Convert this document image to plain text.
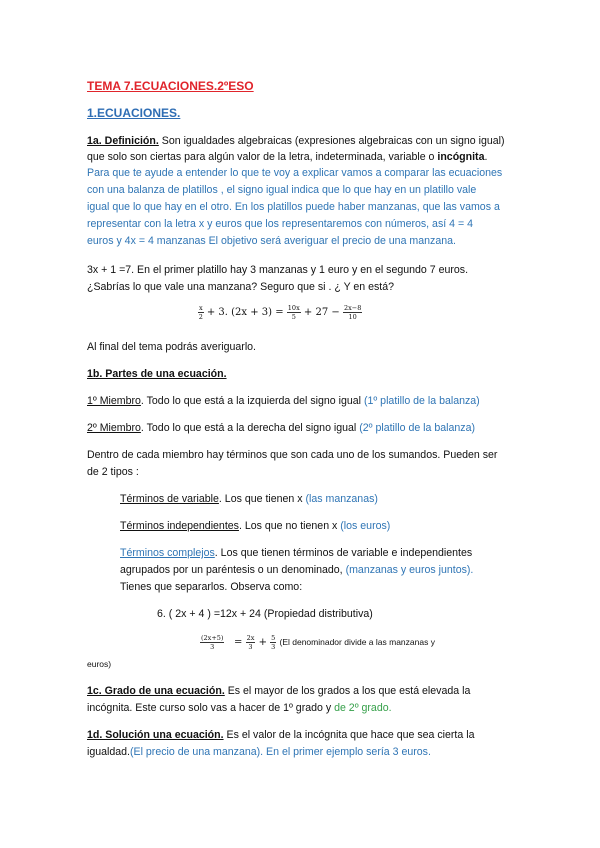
TEMA 7.ECUACIONES.2ºESO
1.ECUACIONES.
1a. Definición. Son igualdades algebraicas (expresiones algebraicas con un signo igual)
que solo son ciertas para algún valor de la letra, indeterminada, variable o incógnita.
Para que te ayude a entender lo que te voy a explicar vamos a comparar las ecuaciones
con una balanza de platillos , el signo igual indica que lo que hay en un platillo vale
igual que lo que hay en el otro. En los platillos puede haber manzanas, que las vamos a
representar con la letra x y euros que los representaremos con números, así 4 = 4
euros y 4x = 4 manzanas El objetivo será averiguar el precio de una manzana.
3x + 1 =7. En el primer platillo hay 3 manzanas y 1 euro y en el segundo 7 euros.
¿Sabrías lo que vale una manzana? Seguro que si . ¿ Y en está?
$\frac{x}{2} + 3$. $(2x + 3) = \frac{10x}{5} + 27 - \frac{2x-8}{10}$
Al final del tema podrás averiguarlo.
1b. Partes de una ecuación.
1º Miembro. Todo lo que está a la izquierda del signo igual (1º platillo de la balanza)
2º Miembro. Todo lo que está a la derecha del signo igual (2º platillo de la balanza)
Dentro de cada miembro hay términos que son cada uno de los sumandos. Pueden ser
de 2 tipos :
Términos de variable. Los que tienen x (las manzanas)
Términos independientes. Los que no tienen x (los euros)
Términos complejos. Los que tienen términos de variable e independientes
agrupados por un paréntesis o un denominado, (manzanas y euros juntos).
Tienes que separarlos. Observa como:
6. ( 2x + 4 ) =12x + 24 (Propiedad distributiva)
$\frac{(2x+5)}{3} = \frac{2x}{3} + \frac{5}{3} (El$ denominador divide a las manzanas y
euros)
1c. Grado de una ecuación. Es el mayor de los grados a los que está elevada la
incógnita. Este curso solo vas a hacer de 1º grado y de 2º grado.
1d. Solución una ecuación. Es el valor de la incógnita que hace que sea cierta la
igualdad.(El precio de una manzana). En el primer ejemplo sería 3 euros.
